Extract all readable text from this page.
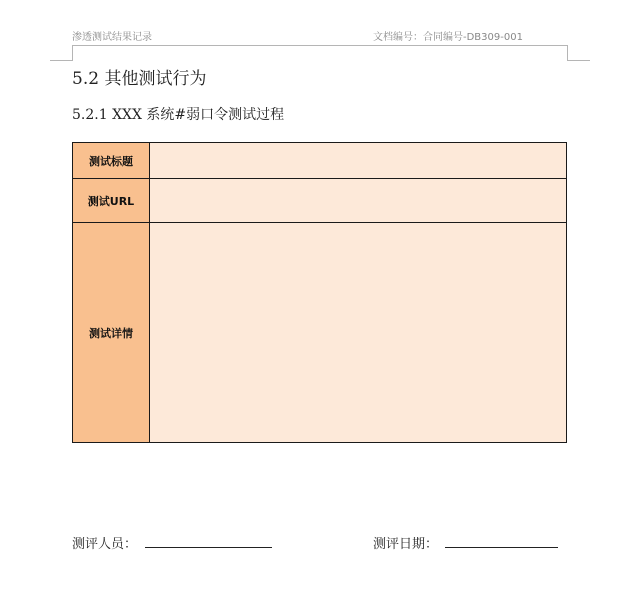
渗透测试结果记录	文档编号：合同编号-DB309-001
5.2 其他测试行为
5.2.1 XXX 系统#弱口令测试过程
测试标题	
测试URL	
测试详情	
测评人员：	测评日期：
